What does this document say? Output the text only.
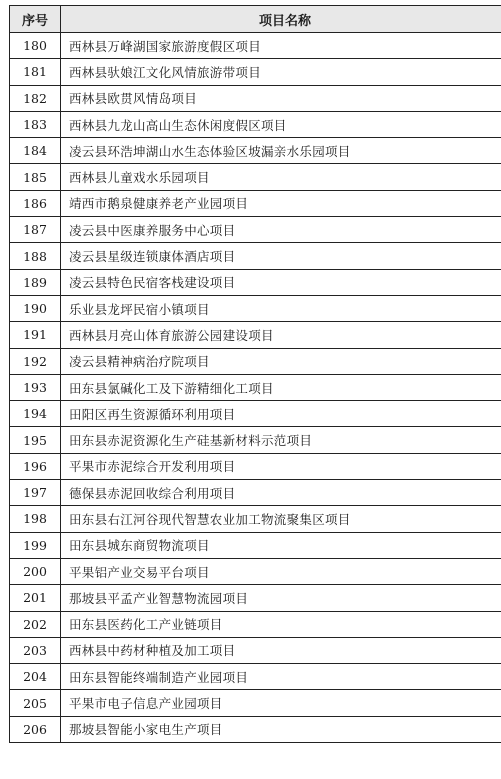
序号	项目名称
180	西林县万峰湖国家旅游度假区项目
181	西林县驮娘江文化风情旅游带项目
182	西林县欧贯风情岛项目
183	西林县九龙山高山生态休闲度假区项目
184	凌云县环浩坤湖山水生态体验区坡漏亲水乐园项目
185	西林县儿童戏水乐园项目
186	靖西市鹅泉健康养老产业园项目
187	凌云县中医康养服务中心项目
188	凌云县星级连锁康体酒店项目
189	凌云县特色民宿客栈建设项目
190	乐业县龙坪民宿小镇项目
191	西林县月亮山体育旅游公园建设项目
192	凌云县精神病治疗院项目
193	田东县氯碱化工及下游精细化工项目
194	田阳区再生资源循环利用项目
195	田东县赤泥资源化生产硅基新材料示范项目
196	平果市赤泥综合开发利用项目
197	德保县赤泥回收综合利用项目
198	田东县右江河谷现代智慧农业加工物流聚集区项目
199	田东县城东商贸物流项目
200	平果铝产业交易平台项目
201	那坡县平孟产业智慧物流园项目
202	田东县医药化工产业链项目
203	西林县中药材种植及加工项目
204	田东县智能终端制造产业园项目
205	平果市电子信息产业园项目
206	那坡县智能小家电生产项目
